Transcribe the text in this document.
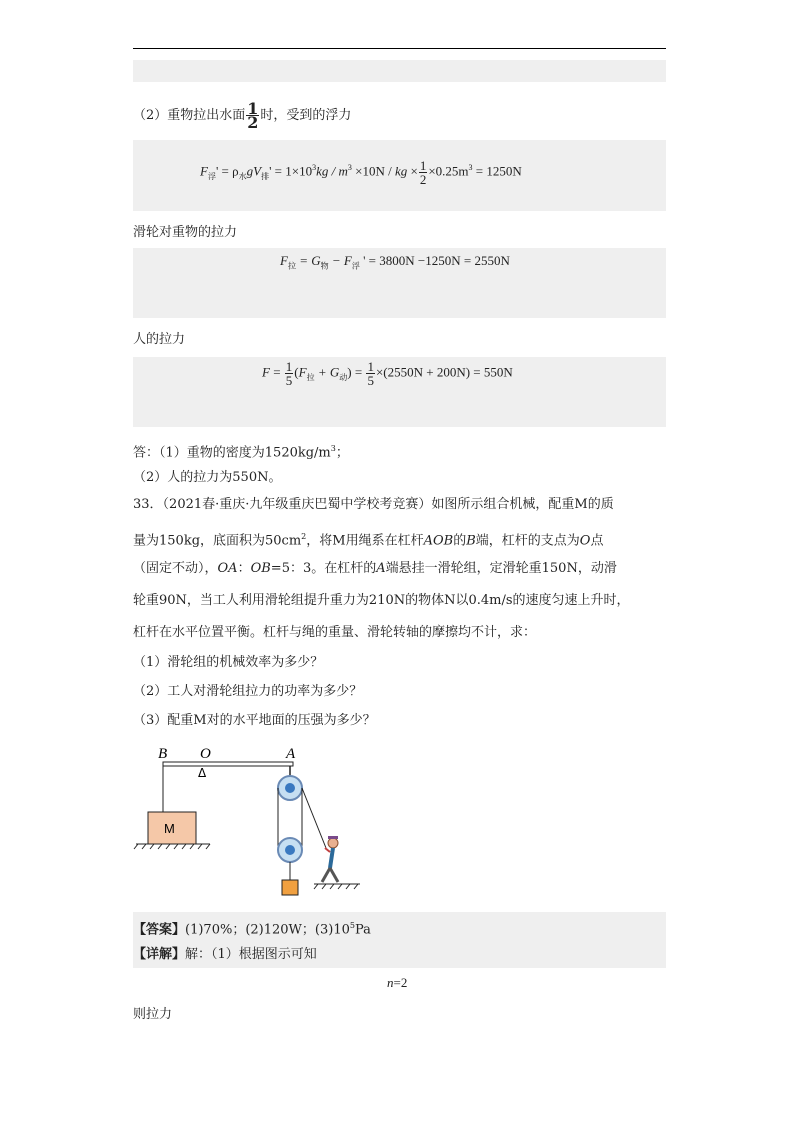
（2）重物拉出水面 $\frac{1}{2}$ 时，受到的浮力
$F_浮' = \rho_水gV_排' = 1\times 10^3kg / m^3 \times 10N$ / kg × $\frac{1}{2} \times 0.25m^3 = 1250N$
滑轮对重物的拉力
$F_拉 = G_物 - F_浮$ ' = 3800N −1250N = 2550N
人的拉力
$F = \frac{1}{5} (F_拉 + G_动) = \frac{1}{5} \times(2550N + 200N) = 550N$
答：（1）重物的密度为$1520kg/m^3$；
（2）人的拉力为550N。
33．（2021春·重庆·九年级重庆巴蜀中学校考竞赛）如图所示组合机械，配重M的质
量为150kg，底面积为$50cm^2$，将M用绳系在杠杆AOB的B端，杠杆的支点为O点
（固定不动），OA：OB=5：3。在杠杆的A端悬挂一滑轮组，定滑轮重150N，动滑
轮重90N，当工人利用滑轮组提升重力为210N的物体N以0.4m/s的速度匀速上升时，
杠杆在水平位置平衡。杠杆与绳的重量、滑轮转轴的摩擦均不计，求：
（1）滑轮组的机械效率为多少？
（2）工人对滑轮组拉力的功率为多少？
（3）配重M对的水平地面的压强为多少？
B O	A
Δ
M
【答案】(1)70%；(2)120W；$(3)10^5Pa$
【详解】解：（1）根据图示可知
n=2
则拉力
